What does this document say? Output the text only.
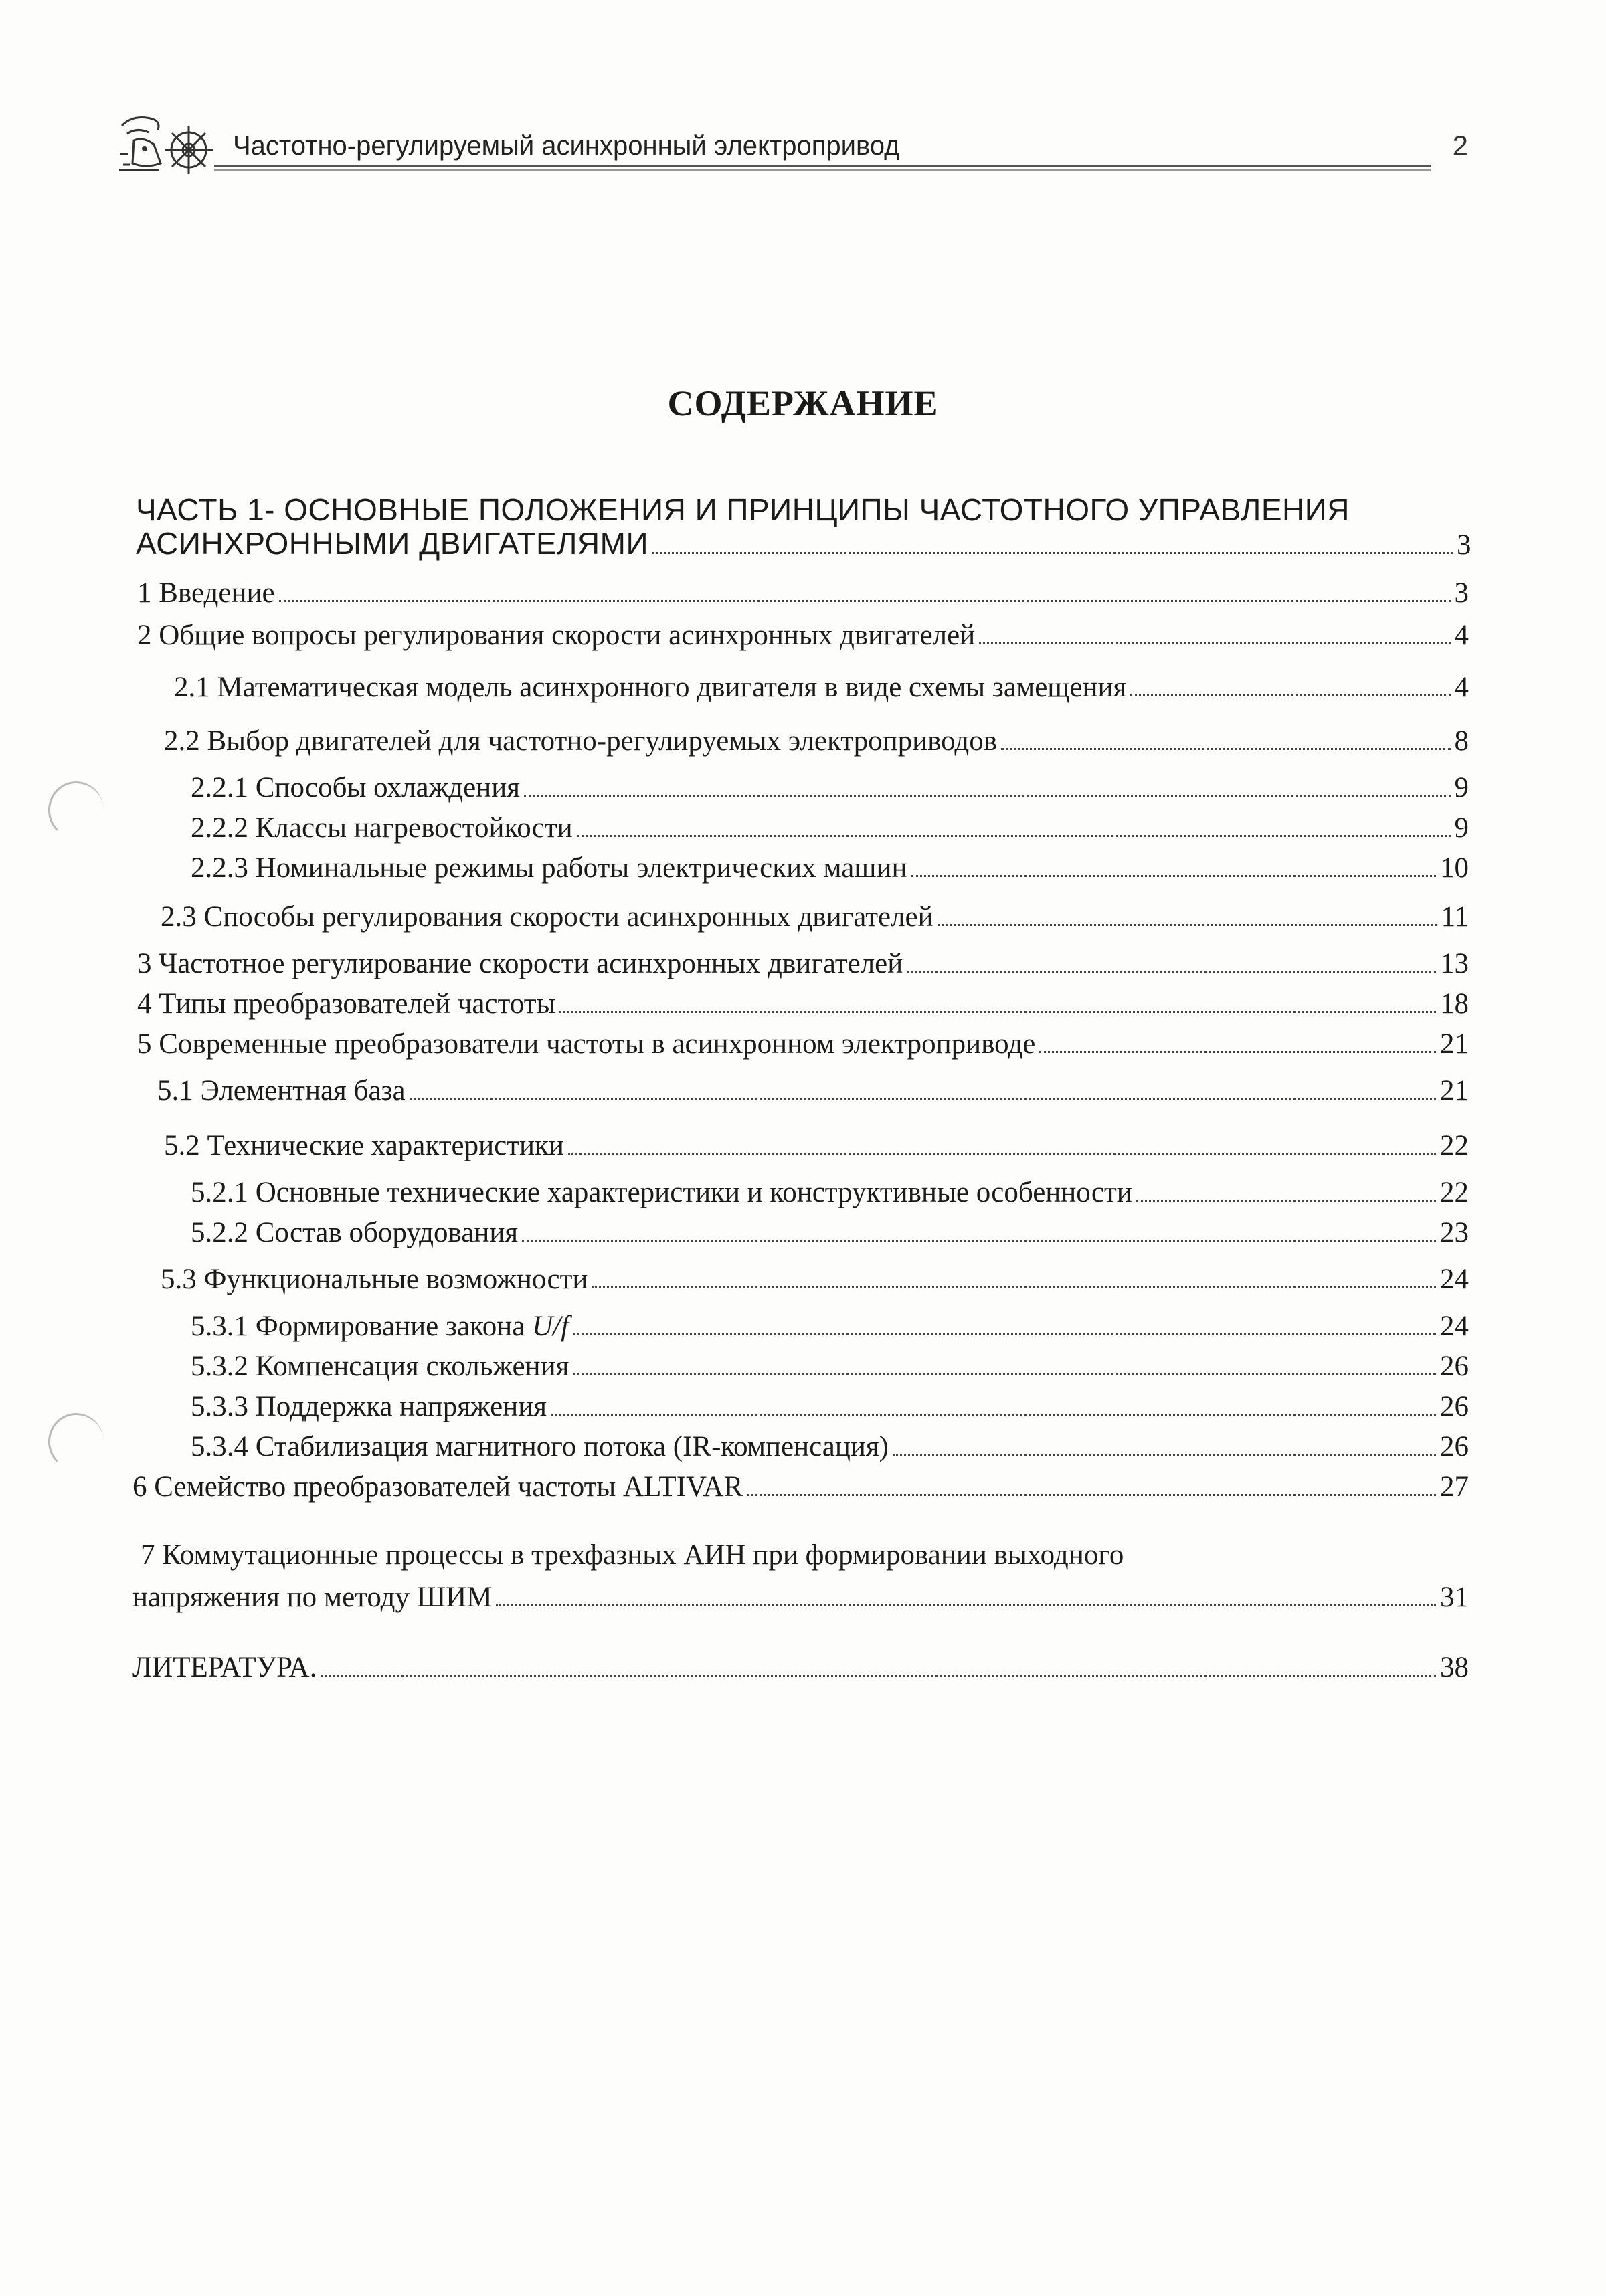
Частотно-регулируемый асинхронный электропривод	2
СОДЕРЖАНИЕ
ЧАСТЬ 1- ОСНОВНЫЕ ПОЛОЖЕНИЯ И ПРИНЦИПЫ ЧАСТОТНОГО УПРАВЛЕНИЯ
АСИНХРОННЫМИ ДВИГАТЕЛЯМИ	3
1 Введение	3
2 Общие вопросы регулирования скорости асинхронных двигателей	4
2.1 Математическая модель асинхронного двигателя в виде схемы замещения	4
2.2 Выбор двигателей для частотно-регулируемых электроприводов	8
2.2.1 Способы охлаждения	9
2.2.2 Классы нагревостойкости	9
2.2.3 Номинальные режимы работы электрических машин	10
2.3 Способы регулирования скорости асинхронных двигателей	11
3 Частотное регулирование скорости асинхронных двигателей	13
4 Типы преобразователей частоты	18
5 Современные преобразователи частоты в асинхронном электроприводе	21
5.1 Элементная база	21
5.2 Технические характеристики	22
5.2.1 Основные технические характеристики и конструктивные особенности	22
5.2.2 Состав оборудования	23
5.3 Функциональные возможности	24
5.3.1 Формирование закона U/f	24
5.3.2 Компенсация скольжения	26
5.3.3 Поддержка напряжения	26
5.3.4 Стабилизация магнитного потока (IR-компенсация)	26
6 Семейство преобразователей частоты ALTIVAR	27
7 Коммутационные процессы в трехфазных АИН при формировании выходного
напряжения по методу ШИМ	31
ЛИТЕРАТУРА.	38
